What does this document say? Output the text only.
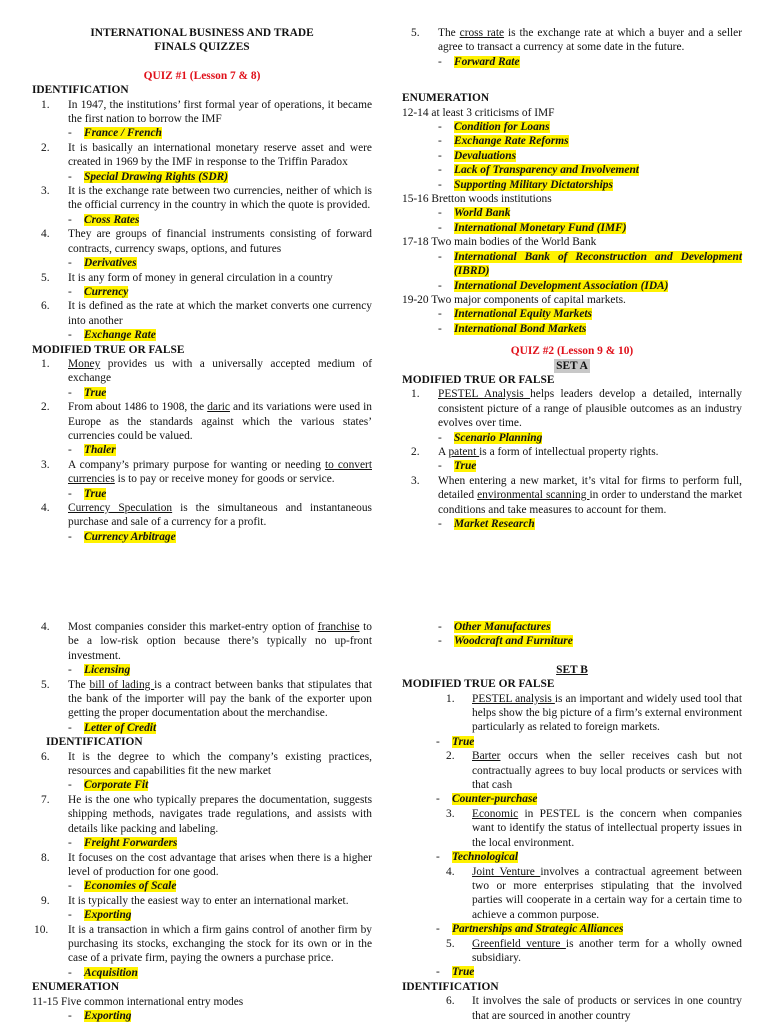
INTERNATIONAL BUSINESS AND TRADE
FINALS QUIZZES
QUIZ #1 (Lesson 7 & 8)
IDENTIFICATION
1. In 1947, the institutions’ first formal year of operations, it became the first nation to borrow the IMF
- France / French
2. It is basically an international monetary reserve asset and were created in 1969 by the IMF in response to the Triffin Paradox
- Special Drawing Rights (SDR)
3. It is the exchange rate between two currencies, neither of which is the official currency in the country in which the quote is provided.
- Cross Rates
4. They are groups of financial instruments consisting of forward contracts, currency swaps, options, and futures
- Derivatives
5. It is any form of money in general circulation in a country
- Currency
6. It is defined as the rate at which the market converts one currency into another
- Exchange Rate
MODIFIED TRUE OR FALSE
1. Money provides us with a universally accepted medium of exchange
- True
2. From about 1486 to 1908, the daric and its variations were used in Europe as the standards against which the various states’ currencies could be valued.
- Thaler
3. A company’s primary purpose for wanting or needing to convert currencies is to pay or receive money for goods or service.
- True
4. Currency Speculation is the simultaneous and instantaneous purchase and sale of a currency for a profit.
- Currency Arbitrage
5. The cross rate is the exchange rate at which a buyer and a seller agree to transact a currency at some date in the future.
- Forward Rate
ENUMERATION
12-14 at least 3 criticisms of IMF
- Condition for Loans
- Exchange Rate Reforms
- Devaluations
- Lack of Transparency and Involvement
- Supporting Military Dictatorships
15-16 Bretton woods institutions
- World Bank
- International Monetary Fund (IMF)
17-18 Two main bodies of the World Bank
-	International Bank of Reconstruction and Development (IBRD)
- International Development Association (IDA)
19-20 Two major components of capital markets.
- International Equity Markets
- International Bond Markets
QUIZ #2 (Lesson 9 & 10)
SET A
MODIFIED TRUE OR FALSE
1. PESTEL Analysis helps leaders develop a detailed, internally consistent picture of a range of plausible outcomes as an industry evolves over time.
- Scenario Planning
2. A patent is a form of intellectual property rights.
- True
3. When entering a new market, it’s vital for firms to perform full, detailed environmental scanning in order to understand the market conditions and take measures to account for them.
- Market Research
4. Most companies consider this market-entry option of franchise to be a low-risk option because there’s typically no up-front investment.
- Licensing
5. The bill of lading is a contract between banks that stipulates that the bank of the importer will pay the bank of the exporter upon getting the proper documentation about the merchandise.
- Letter of Credit
IDENTIFICATION
6. It is the degree to which the company’s existing practices, resources and capabilities fit the new market
- Corporate Fit
7. He is the one who typically prepares the documentation, suggests shipping methods, navigates trade regulations, and assists with details like packing and labeling.
- Freight Forwarders
8. It focuses on the cost advantage that arises when there is a higher level of production for one good.
- Economies of Scale
9. It is typically the easiest way to enter an international market.
- Exporting
10. It is a transaction in which a firm gains control of another firm by purchasing its stocks, exchanging the stock for its own or in the case of a private firm, paying the owners a purchase price.
- Acquisition
ENUMERATION
11-15 Five common international entry modes
- Exporting
- Other Manufactures
- Woodcraft and Furniture
SET B
MODIFIED TRUE OR FALSE
1. PESTEL analysis is an important and widely used tool that helps show the big picture of a firm’s external environment particularly as related to foreign markets.
- True
2. Barter occurs when the seller receives cash but not contractually agrees to buy local products or services with that cash
- Counter-purchase
3. Economic in PESTEL is the concern when companies want to identify the status of intellectual property issues in the local environment.
- Technological
4. Joint Venture involves a contractual agreement between two or more enterprises stipulating that the involved parties will cooperate in a certain way for a certain time to achieve a common purpose.
- Partnerships and Strategic Alliances
5. Greenfield venture is another term for a wholly owned subsidiary.
- True
IDENTIFICATION
6. It involves the sale of products or services in one country that are sourced in another country
